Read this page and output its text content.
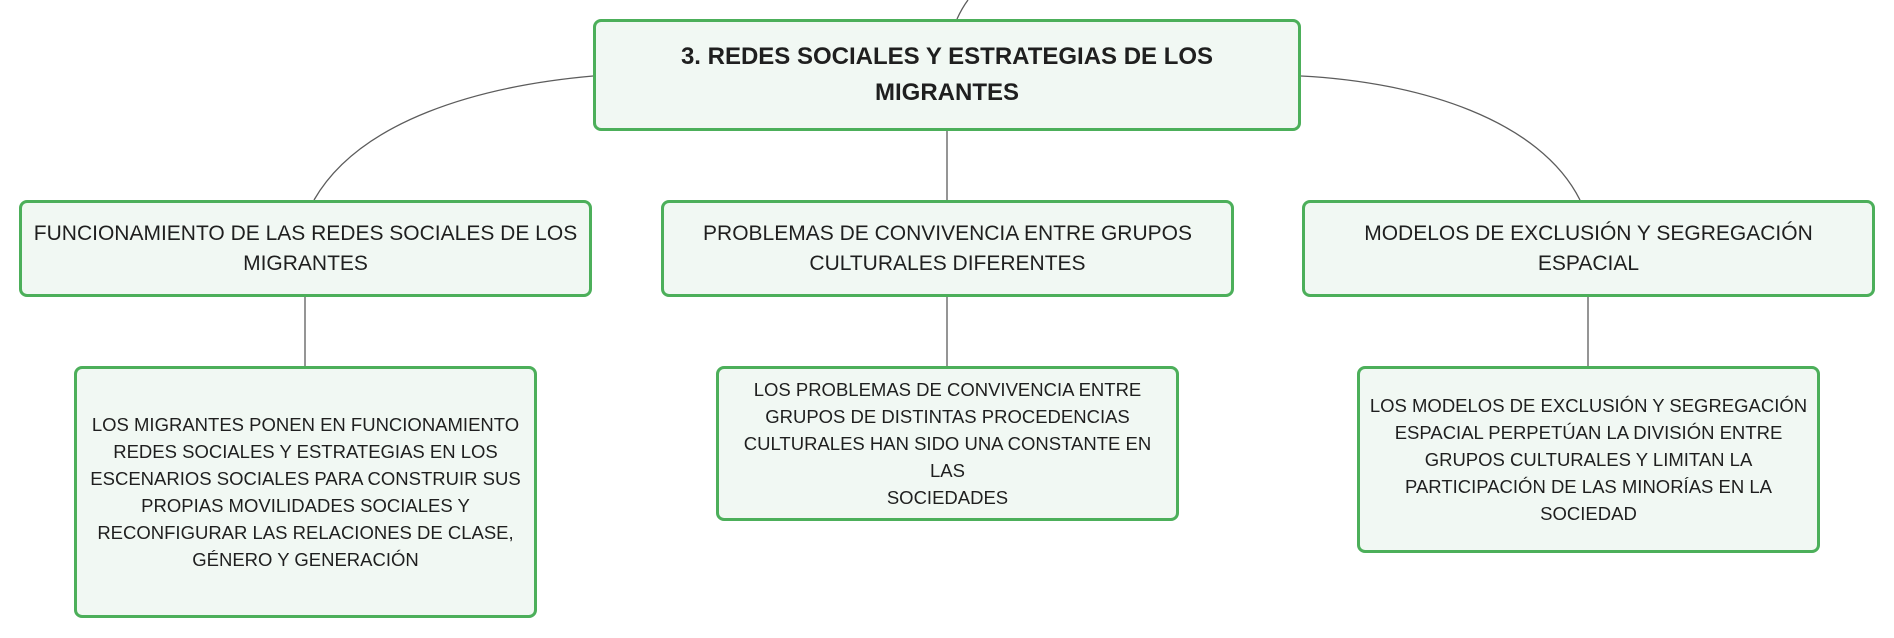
3. REDES SOCIALES Y ESTRATEGIAS DE LOS
MIGRANTES
FUNCIONAMIENTO DE LAS REDES SOCIALES DE LOS
MIGRANTES
PROBLEMAS DE CONVIVENCIA ENTRE GRUPOS
CULTURALES DIFERENTES
MODELOS DE EXCLUSIÓN Y SEGREGACIÓN ESPACIAL
LOS MIGRANTES PONEN EN FUNCIONAMIENTO
REDES SOCIALES Y ESTRATEGIAS EN LOS
ESCENARIOS SOCIALES PARA CONSTRUIR SUS
PROPIAS MOVILIDADES SOCIALES Y
RECONFIGURAR LAS RELACIONES DE CLASE,
GÉNERO Y GENERACIÓN
LOS PROBLEMAS DE CONVIVENCIA ENTRE
GRUPOS DE DISTINTAS PROCEDENCIAS
CULTURALES HAN SIDO UNA CONSTANTE EN LAS
SOCIEDADES
LOS MODELOS DE EXCLUSIÓN Y SEGREGACIÓN
ESPACIAL PERPETÚAN LA DIVISIÓN ENTRE
GRUPOS CULTURALES Y LIMITAN LA
PARTICIPACIÓN DE LAS MINORÍAS EN LA
SOCIEDAD
